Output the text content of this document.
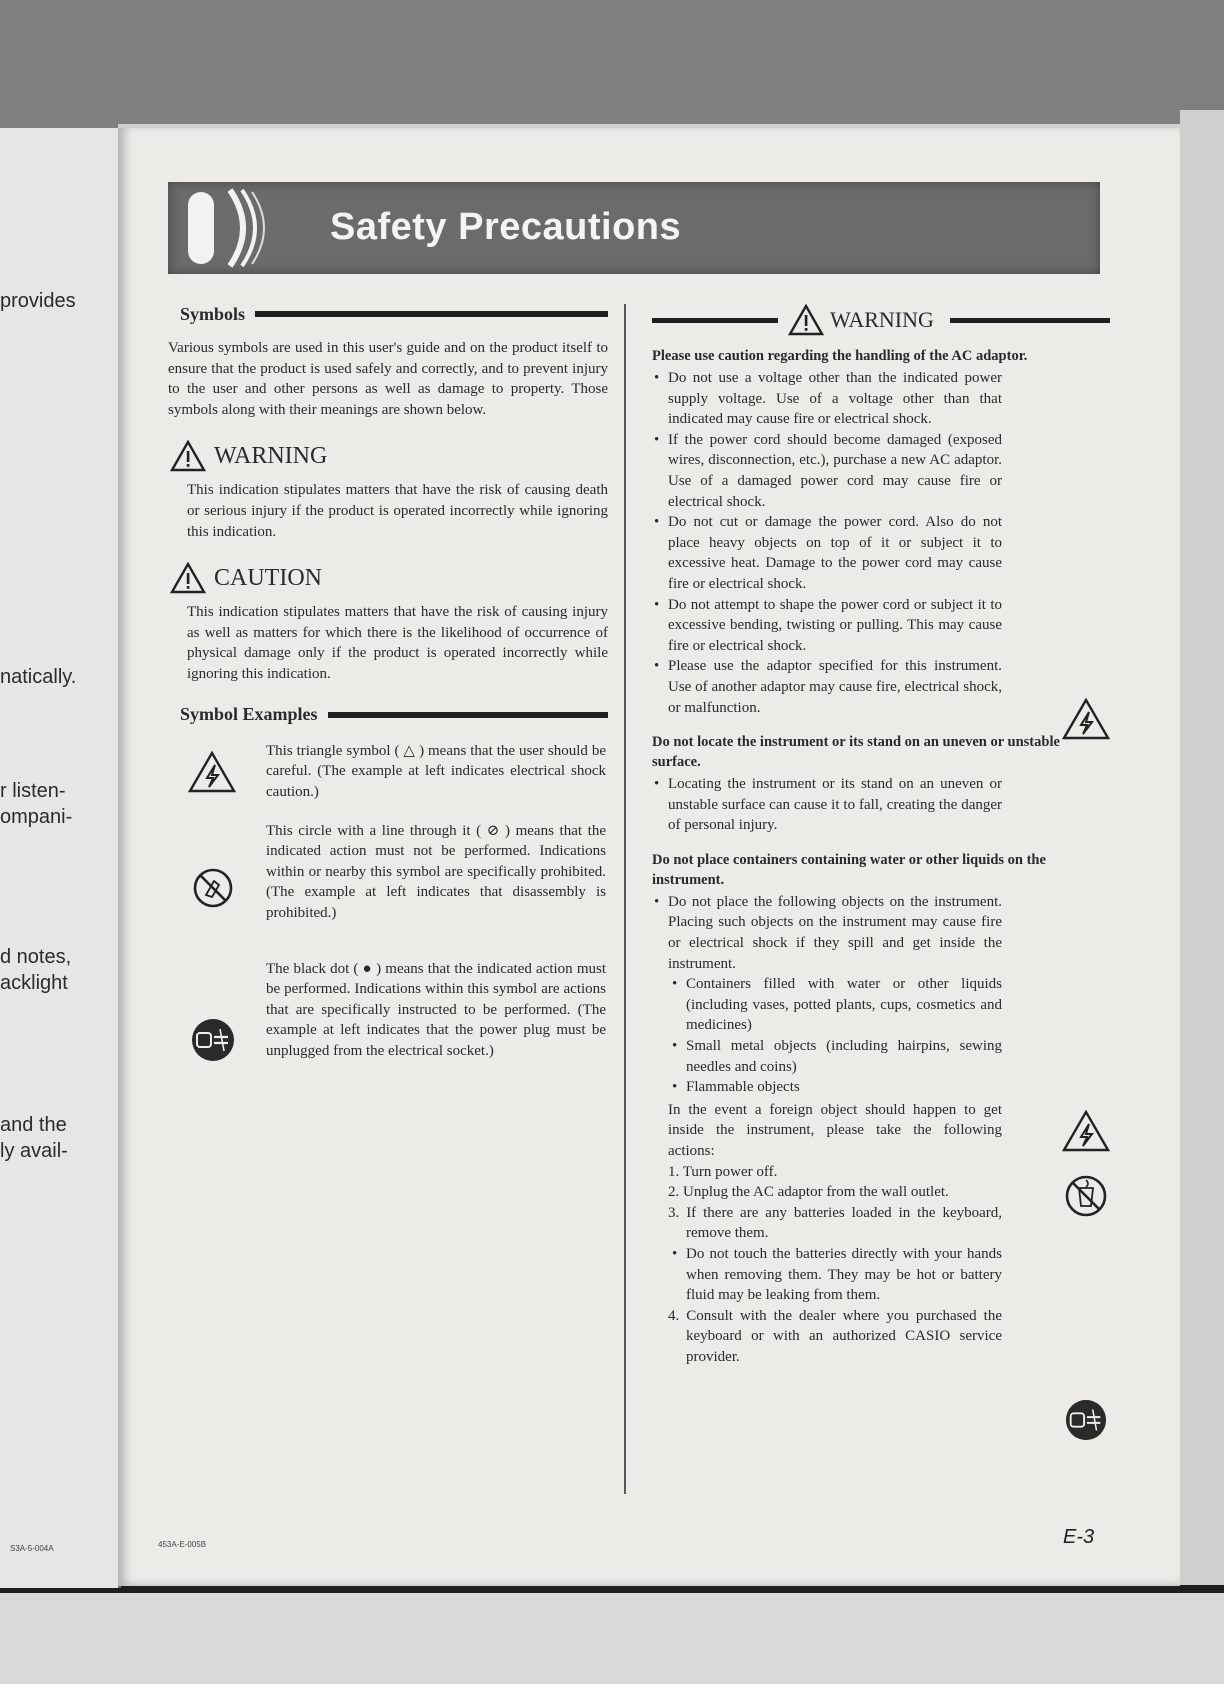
provides
natically.
r listen-
ompani-
d notes,
acklight
and the
ly avail-
S3A-5-004A
Safety Precautions
Symbols

Various symbols are used in this user's guide and on the product itself to ensure that the product is used safely and correctly, and to prevent injury to the user and other persons as well as damage to property. Those symbols along with their meanings are shown below.

WARNING

This indication stipulates matters that have the risk of causing death or serious injury if the product is operated incorrectly while ignoring this indication.

CAUTION

This indication stipulates matters that have the risk of causing injury as well as matters for which there is the likelihood of occurrence of physical damage only if the product is operated incorrectly while ignoring this indication.

Symbol Examples

This triangle symbol ( △ ) means that the user should be careful. (The example at left indicates electrical shock caution.)

This circle with a line through it ( ⊘ ) means that the indicated action must not be performed. Indications within or nearby this symbol are specifically prohibited. (The example at left indicates that disassembly is prohibited.)

The black dot ( ● ) means that the indicated action must be performed. Indications within this symbol are actions that are specifically instructed to be performed. (The example at left indicates that the power plug must be unplugged from the electrical socket.)

WARNING
Please use caution regarding the handling of the AC adaptor.
• Do not use a voltage other than the indicated power supply voltage. Use of a voltage other than that indicated may cause fire or electrical shock.
• If the power cord should become damaged (exposed wires, disconnection, etc.), purchase a new AC adaptor. Use of a damaged power cord may cause fire or electrical shock.
• Do not cut or damage the power cord. Also do not place heavy objects on top of it or subject it to excessive heat. Damage to the power cord may cause fire or electrical shock.
• Do not attempt to shape the power cord or subject it to excessive bending, twisting or pulling. This may cause fire or electrical shock.
• Please use the adaptor specified for this instrument. Use of another adaptor may cause fire, electrical shock, or malfunction.
Do not locate the instrument or its stand on an uneven or unstable surface.
• Locating the instrument or its stand on an uneven or unstable surface can cause it to fall, creating the danger of personal injury.
Do not place containers containing water or other liquids on the instrument.
• Do not place the following objects on the instrument. Placing such objects on the instrument may cause fire or electrical shock if they spill and get inside the instrument.
• Containers filled with water or other liquids (including vases, potted plants, cups, cosmetics and medicines)
• Small metal objects (including hairpins, sewing needles and coins)
• Flammable objects

In the event a foreign object should happen to get inside the instrument, please take the following actions:

1. Turn power off.
2. Unplug the AC adaptor from the wall outlet.
3. If there are any batteries loaded in the keyboard, remove them.
• Do not touch the batteries directly with your hands when removing them. They may be hot or battery fluid may be leaking from them.
4. Consult with the dealer where you purchased the keyboard or with an authorized CASIO service provider.
453A-E-005B	E-3
